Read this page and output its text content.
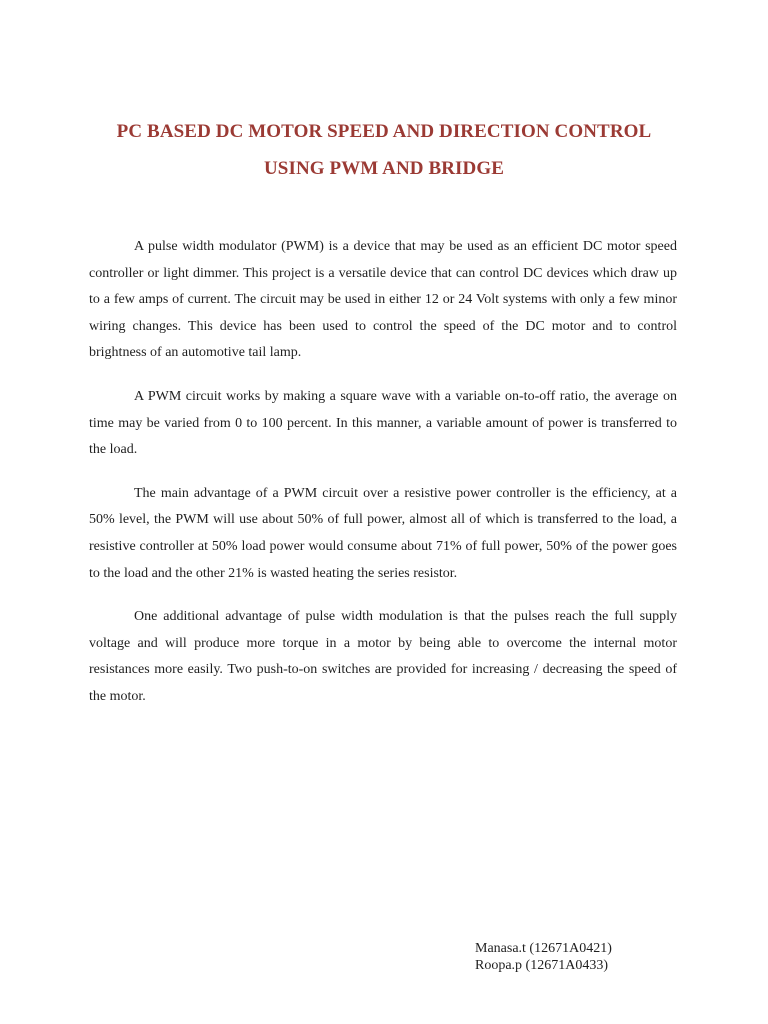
PC BASED DC MOTOR SPEED AND DIRECTION CONTROL
USING PWM AND BRIDGE

A pulse width modulator (PWM) is a device that may be used as an efficient DC motor speed controller or light dimmer. This project is a versatile device that can control DC devices which draw up to a few amps of current. The circuit may be used in either 12 or 24 Volt systems with only a few minor wiring changes. This device has been used to control the speed of the DC motor and to control brightness of an automotive tail lamp.

A PWM circuit works by making a square wave with a variable on-to-off ratio, the average on time may be varied from 0 to 100 percent. In this manner, a variable amount of power is transferred to the load.

The main advantage of a PWM circuit over a resistive power controller is the efficiency, at a 50% level, the PWM will use about 50% of full power, almost all of which is transferred to the load, a resistive controller at 50% load power would consume about 71% of full power, 50% of the power goes to the load and the other 21% is wasted heating the series resistor.

One additional advantage of pulse width modulation is that the pulses reach the full supply voltage and will produce more torque in a motor by being able to overcome the internal motor resistances more easily. Two push-to-on switches are provided for increasing / decreasing the speed of the motor.

Manasa.t (12671A0421)
Roopa.p (12671A0433)
